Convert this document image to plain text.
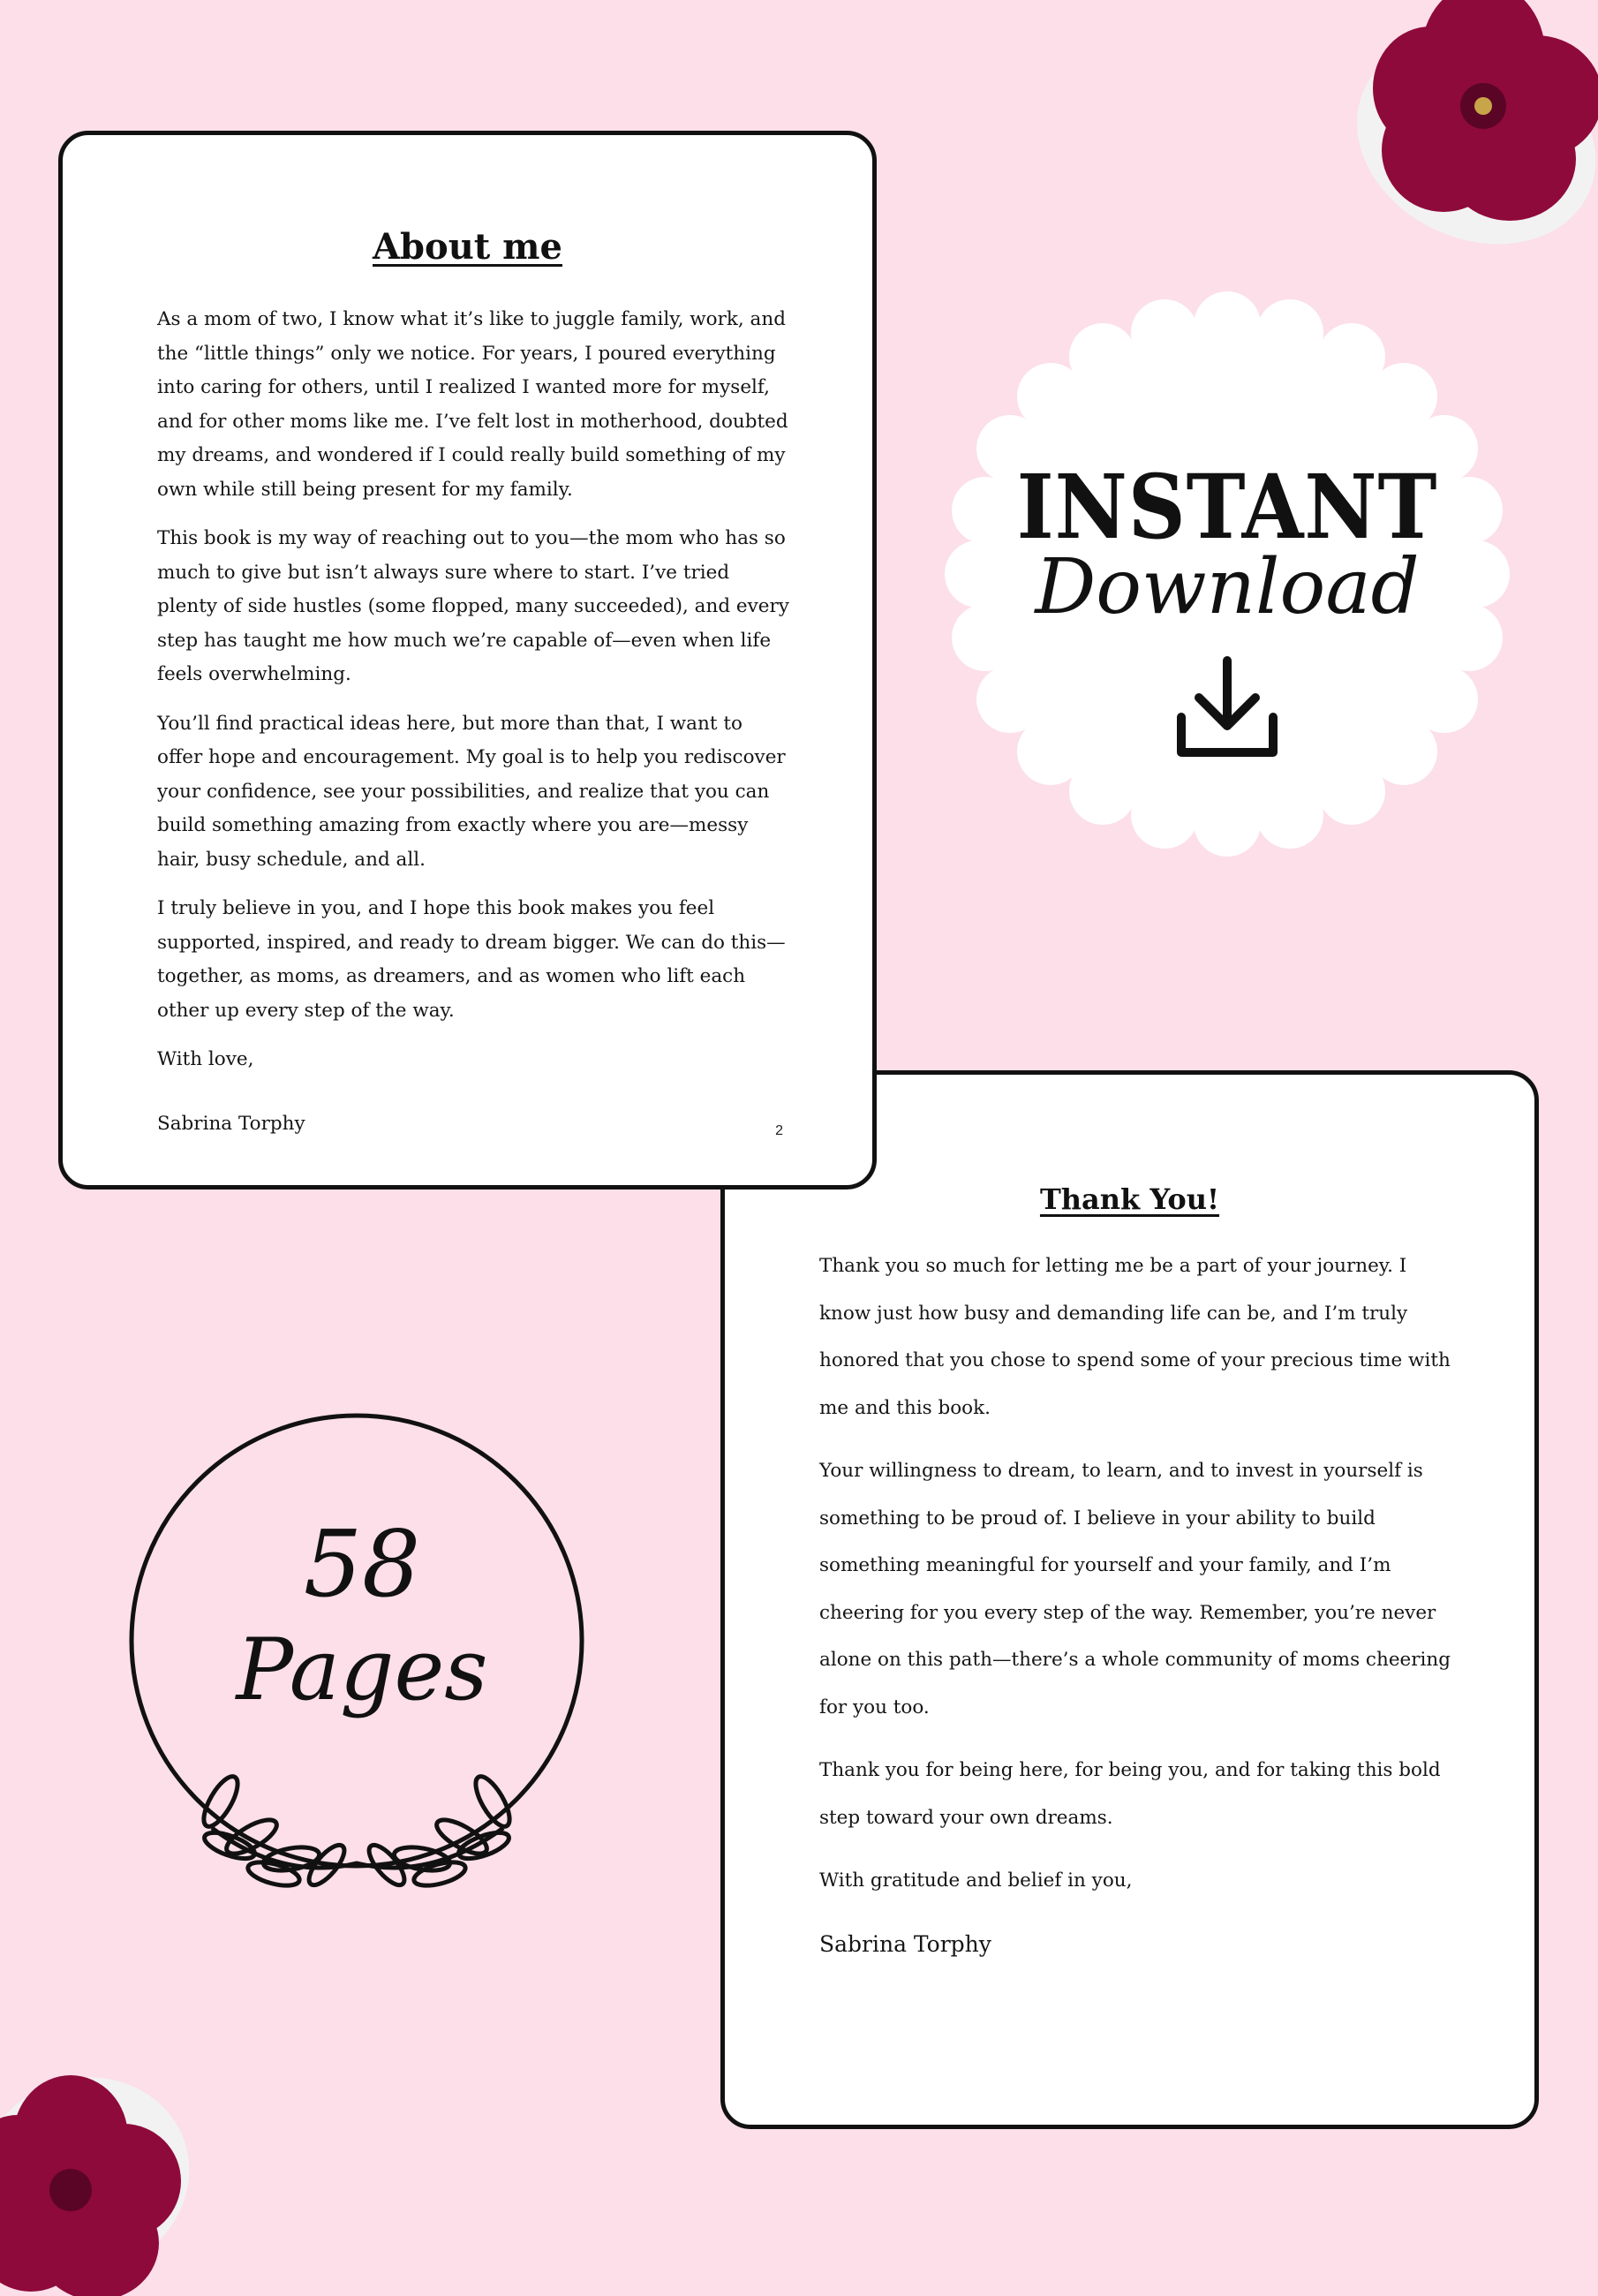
About me

As a mom of two, I know what it’s like to juggle family, work, and the “little things” only we notice. For years, I poured everything into caring for others, until I realized I wanted more for myself, and for other moms like me. I’ve felt lost in motherhood, doubted my dreams, and wondered if I could really build something of my own while still being present for my family.

This book is my way of reaching out to you—the mom who has so much to give but isn’t always sure where to start. I’ve tried plenty of side hustles (some flopped, many succeeded), and every step has taught me how much we’re capable of—even when life feels overwhelming.

You’ll find practical ideas here, but more than that, I want to offer hope and encouragement. My goal is to help you rediscover your confidence, see your possibilities, and realize that you can build something amazing from exactly where you are—messy hair, busy schedule, and all.

I truly believe in you, and I hope this book makes you feel supported, inspired, and ready to dream bigger. We can do this—together, as moms, as dreamers, and as women who lift each other up every step of the way.

With love,

Sabrina Torphy	2
Thank You!

Thank you so much for letting me be a part of your journey. I know just how busy and demanding life can be, and I’m truly honored that you chose to spend some of your precious time with me and this book.

Your willingness to dream, to learn, and to invest in yourself is something to be proud of. I believe in your ability to build something meaningful for yourself and your family, and I’m cheering for you every step of the way. Remember, you’re never alone on this path—there’s a whole community of moms cheering for you too.

Thank you for being here, for being you, and for taking this bold step toward your own dreams.

With gratitude and belief in you,

Sabrina Torphy

INSTANT
Download
58
Pages
